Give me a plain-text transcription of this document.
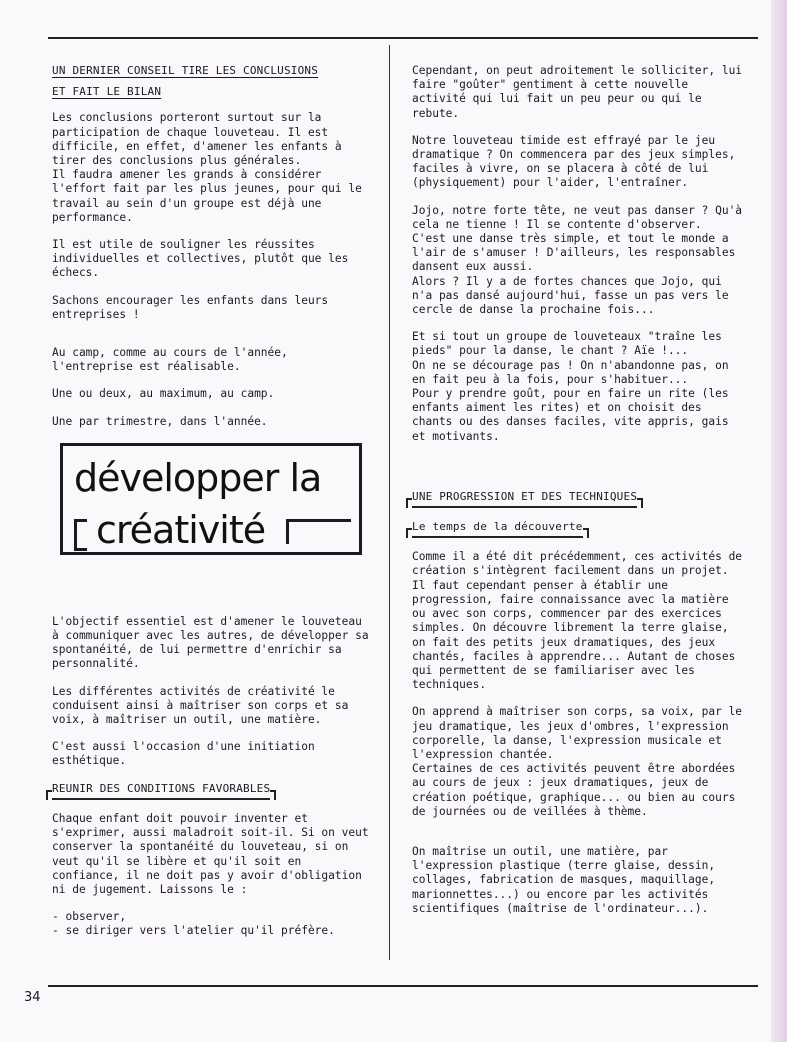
UN DERNIER CONSEIL TIRE LES CONCLUSIONS
ET FAIT LE BILAN

Les conclusions porteront surtout sur la participation de chaque louveteau. Il est difficile, en effet, d'amener les enfants à tirer des conclusions plus générales.
Il faudra amener les grands à considérer l'effort fait par les plus jeunes, pour qui le travail au sein d'un groupe est déjà une performance.

Il est utile de souligner les réussites individuelles et collectives, plutôt que les échecs.

Sachons encourager les enfants dans leurs entreprises !

Au camp, comme au cours de l'année, l'entreprise est réalisable.

Une ou deux, au maximum, au camp.

Une par trimestre, dans l'année.

développer la
créativité

L'objectif essentiel est d'amener le louveteau à communiquer avec les autres, de développer sa spontanéité, de lui permettre d'enrichir sa personnalité.

Les différentes activités de créativité le conduisent ainsi à maîtriser son corps et sa voix, à maîtriser un outil, une matière.

C'est aussi l'occasion d'une initiation esthétique.

REUNIR DES CONDITIONS FAVORABLES

Chaque enfant doit pouvoir inventer et s'exprimer, aussi maladroit soit-il. Si on veut conserver la spontanéité du louveteau, si on veut qu'il se libère et qu'il soit en confiance, il ne doit pas y avoir d'obligation ni de jugement. Laissons le :

- observer,

- se diriger vers l'atelier qu'il préfère.

Cependant, on peut adroitement le solliciter, lui faire "goûter" gentiment à cette nouvelle activité qui lui fait un peu peur ou qui le rebute.

Notre louveteau timide est effrayé par le jeu dramatique ? On commencera par des jeux simples, faciles à vivre, on se placera à côté de lui (physiquement) pour l'aider, l'entraîner.

Jojo, notre forte tête, ne veut pas danser ? Qu'à cela ne tienne ! Il se contente d'observer.
C'est une danse très simple, et tout le monde a l'air de s'amuser ! D'ailleurs, les responsables dansent eux aussi.
Alors ? Il y a de fortes chances que Jojo, qui n'a pas dansé aujourd'hui, fasse un pas vers le cercle de danse la prochaine fois...

Et si tout un groupe de louveteaux "traîne les pieds" pour la danse, le chant ? Aïe !...
On ne se décourage pas ! On n'abandonne pas, on en fait peu à la fois, pour s'habituer...
Pour y prendre goût, pour en faire un rite (les enfants aiment les rites) et on choisit des chants ou des danses faciles, vite appris, gais et motivants.

UNE PROGRESSION ET DES TECHNIQUES
Le temps de la découverte

Comme il a été dit précédemment, ces activités de création s'intègrent facilement dans un projet. Il faut cependant penser à établir une progression, faire connaissance avec la matière ou avec son corps, commencer par des exercices simples. On découvre librement la terre glaise, on fait des petits jeux dramatiques, des jeux chantés, faciles à apprendre... Autant de choses qui permettent de se familiariser avec les techniques.

On apprend à maîtriser son corps, sa voix, par le jeu dramatique, les jeux d'ombres, l'expression corporelle, la danse, l'expression musicale et l'expression chantée.
Certaines de ces activités peuvent être abordées au cours de jeux : jeux dramatiques, jeux de création poétique, graphique... ou bien au cours de journées ou de veillées à thème.

On maîtrise un outil, une matière, par l'expression plastique (terre glaise, dessin, collages, fabrication de masques, maquillage, marionnettes...) ou encore par les activités scientifiques (maîtrise de l'ordinateur...).

34
